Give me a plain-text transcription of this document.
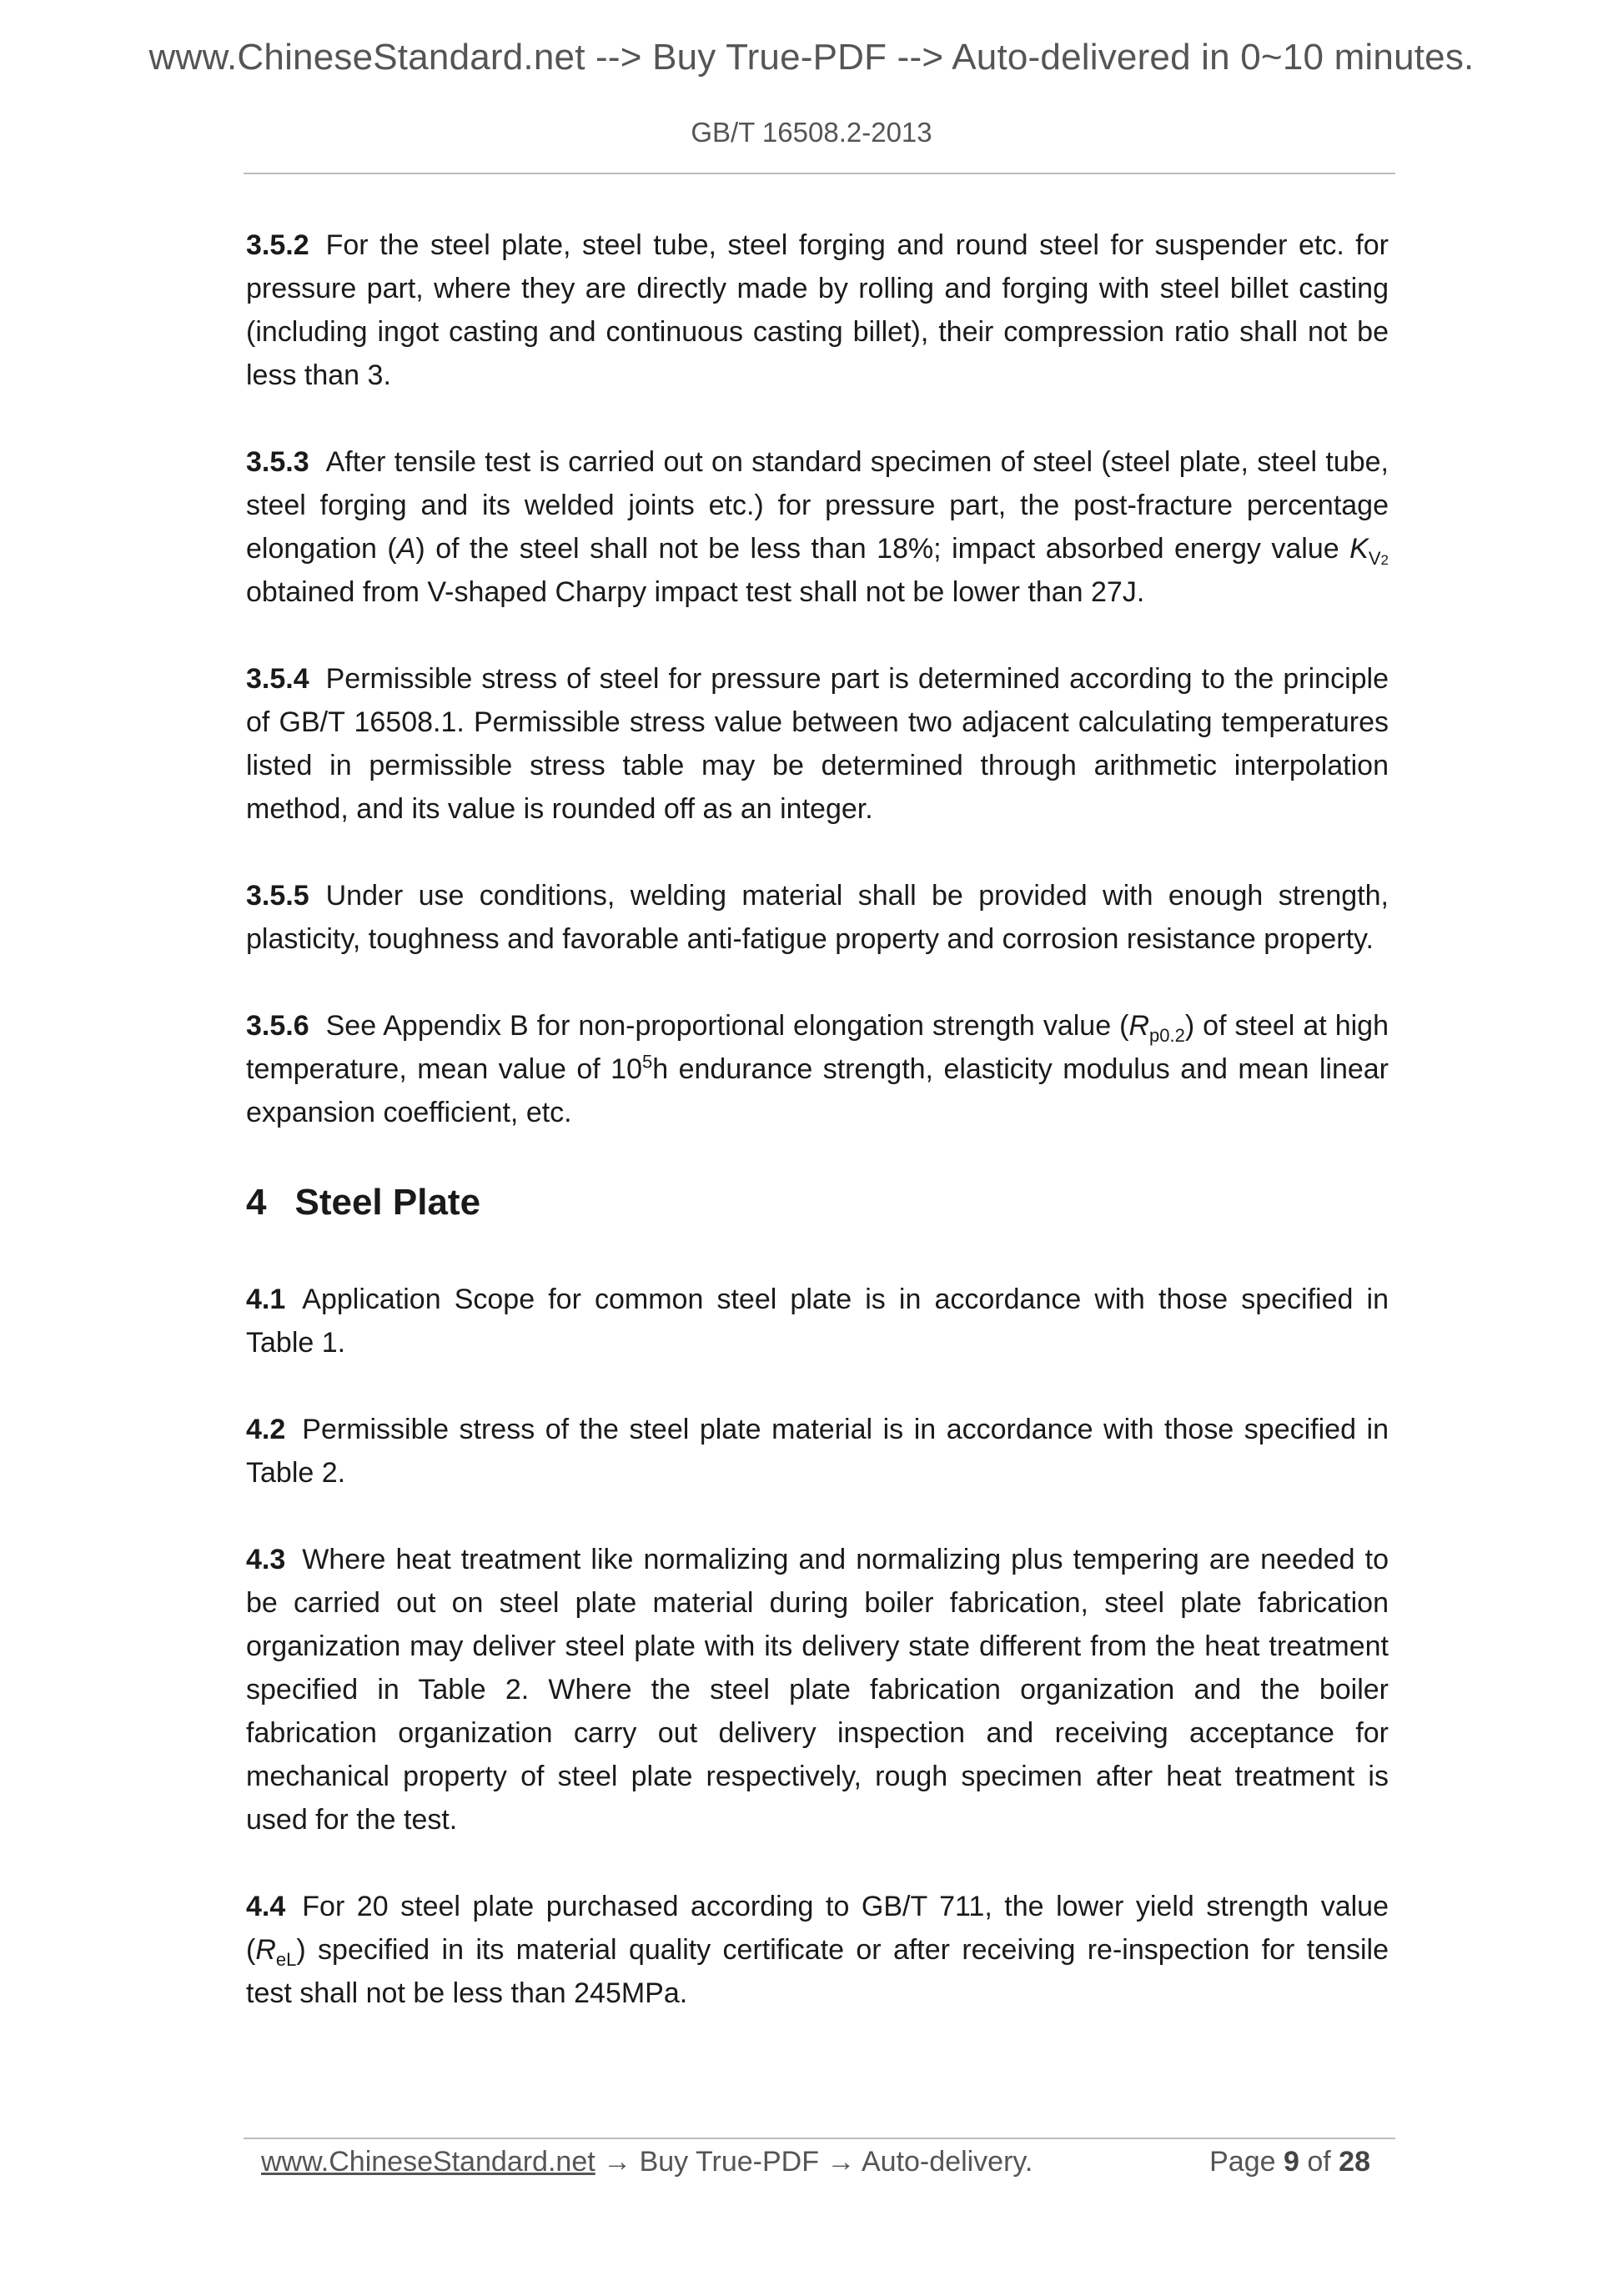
www.ChineseStandard.net --> Buy True-PDF --> Auto-delivered in 0~10 minutes.
GB/T 16508.2-2013

3.5.2 For the steel plate, steel tube, steel forging and round steel for suspender etc. for pressure part, where they are directly made by rolling and forging with steel billet casting (including ingot casting and continuous casting billet), their compression ratio shall not be less than 3.

3.5.3 After tensile test is carried out on standard specimen of steel (steel plate, steel tube, steel forging and its welded joints etc.) for pressure part, the post-fracture percentage elongation (A) of the steel shall not be less than 18%; impact absorbed energy value $K_{V2}$ obtained from V-shaped Charpy impact test shall not be lower than 27J.

3.5.4 Permissible stress of steel for pressure part is determined according to the principle of GB/T 16508.1. Permissible stress value between two adjacent calculating temperatures listed in permissible stress table may be determined through arithmetic interpolation method, and its value is rounded off as an integer.

3.5.5 Under use conditions, welding material shall be provided with enough strength, plasticity, toughness and favorable anti-fatigue property and corrosion resistance property.

3.5.6 See Appendix B for non-proportional elongation strength value $(R_{p0.2})$ of steel at high temperature, mean value of $10^5h$ endurance strength, elasticity modulus and mean linear expansion coefficient, etc.

4 Steel Plate

4.1 Application Scope for common steel plate is in accordance with those specified in Table 1.

4.2 Permissible stress of the steel plate material is in accordance with those specified in Table 2.

4.3 Where heat treatment like normalizing and normalizing plus tempering are needed to be carried out on steel plate material during boiler fabrication, steel plate fabrication organization may deliver steel plate with its delivery state different from the heat treatment specified in Table 2. Where the steel plate fabrication organization and the boiler fabrication organization carry out delivery inspection and receiving acceptance for mechanical property of steel plate respectively, rough specimen after heat treatment is used for the test.

4.4 For 20 steel plate purchased according to GB/T 711, the lower yield strength value $(R_{eL})$ specified in its material quality certificate or after receiving re-inspection for tensile test shall not be less than 245MPa.

www.ChineseStandard.net → Buy True-PDF → Auto-delivery.	Page 9 of 28
